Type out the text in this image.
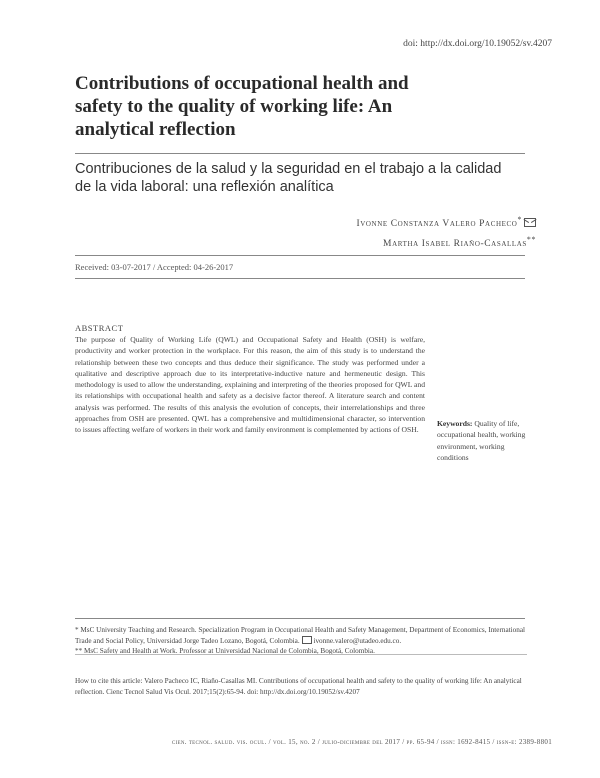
doi: http://dx.doi.org/10.19052/sv.4207
Contributions of occupational health and safety to the quality of working life: An analytical reflection
Contribuciones de la salud y la seguridad en el trabajo a la calidad de la vida laboral: una reflexión analítica
Ivonne Constanza Valero Pacheco*
Martha Isabel Riaño-Casallas**
Received: 03-07-2017 / Accepted: 04-26-2017
ABSTRACT
The purpose of Quality of Working Life (QWL) and Occupational Safety and Health (OSH) is welfare, productivity and worker protection in the workplace. For this reason, the aim of this study is to understand the relationship between these two concepts and thus deduce their significance. The study was performed under a qualitative and descriptive approach due to its interpretative-inductive nature and hermeneutic design. This methodology is used to allow the understanding, explaining and interpreting of the theories proposed for QWL and its relationships with occupational health and safety as a decisive factor thereof. A literature search and content analysis was performed. The results of this analysis the evolution of concepts, their interrelationships and three approaches from OSH are presented. QWL has a comprehensive and multidimensional character, so intervention to issues affecting welfare of workers in their work and family environment is complemented by actions of OSH.
Keywords: Quality of life, occupational health, working environment, working conditions

* MsC University Teaching and Research. Specialization Program in Occupational Health and Safety Management, Department of Economics, International Trade and Social Policy, Universidad Jorge Tadeo Lozano, Bogotá, Colombia. ivonne.valero@utadeo.edu.co.

** MsC Safety and Health at Work. Professor at Universidad Nacional de Colombia, Bogotá, Colombia.

How to cite this article: Valero Pacheco IC, Riaño-Casallas MI. Contributions of occupational health and safety to the quality of working life: An analytical reflection. Cienc Tecnol Salud Vis Ocul. 2017;15(2):65-94. doi: http://dx.doi.org/10.19052/sv.4207
cien. tecnol. salud. vis. ocul. / vol. 15, no. 2 / julio-diciembre del 2017 / pp. 65-94 / issn: 1692-8415 / issn-e: 2389-8801
